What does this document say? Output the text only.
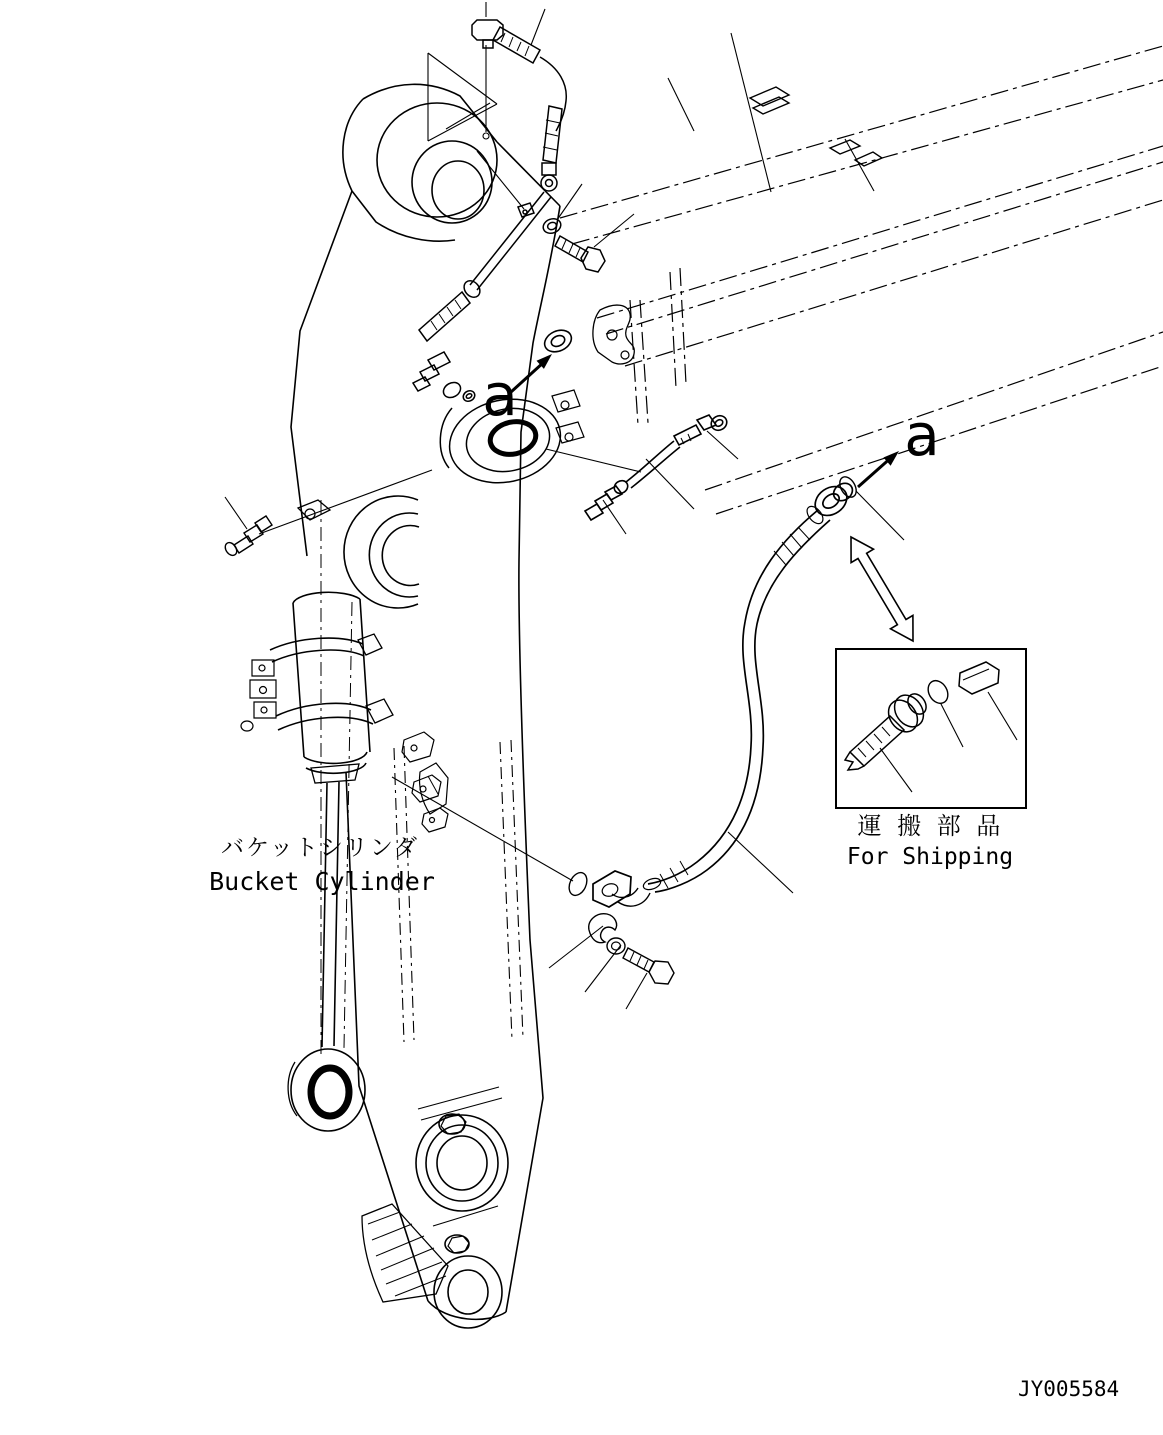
a
a
バケットシリンダ
Bucket Cylinder
運 搬 部 品
For Shipping
JY005584
